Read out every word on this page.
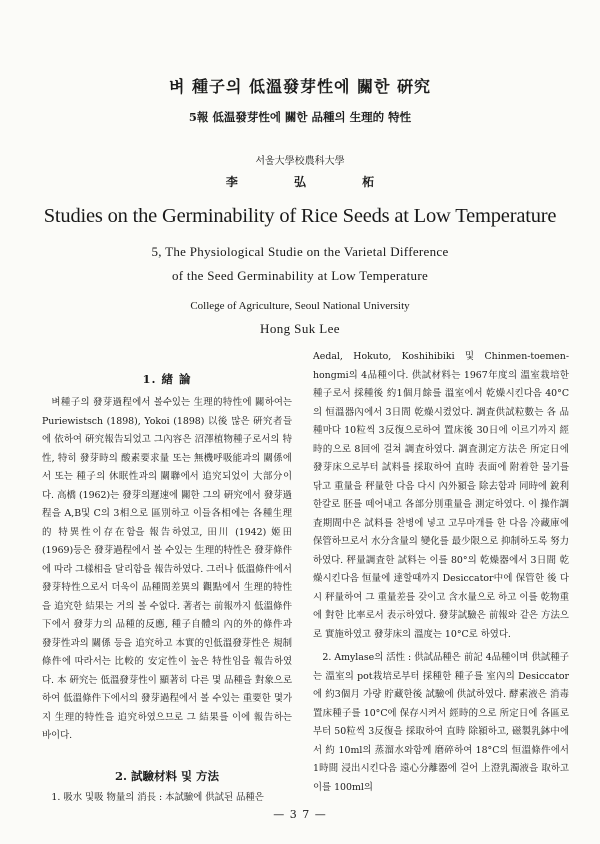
벼 種子의 低溫發芽性에 關한 硏究
5報 低温發芽性에 關한 品種의 生理的 特性
서울大學校農科大學
李 弘 柘
Studies on the Germinability of Rice Seeds at Low Temperature
5, The Physiological Studie on the Varietal Difference
of the Seed Germinability at Low Temperature
College of Agriculture, Seoul National University
Hong Suk Lee
1. 緖 論

벼種子의 發芽過程에서 볼수있는 生理的特性에 關하여는 Puriewistsch (1898), Yokoi (1898) 以後 많은 硏究者들에 依하여 硏究報告되었고 그內容은 沼澤植物種子로서의 特性, 特히 發芽時의 酸素要求量 또는 無機呼吸能과의 關係에서 또는 種子의 休眠性과의 關聯에서 追究되었이 大部分이다. 高橋 (1962)는 發芽의遲速에 關한 그의 硏究에서 發芽過程을 A,B및 C의 3相으로 區別하고 이들各相에는 各種生理的 特異性이存在함을 報告하였고, 田川 (1942) 姬田 (1969)등은 發芽過程에서 볼 수있는 生理的特性은 發芽條件에 따라 그樣相을 달리함을 報告하였다. 그러나 低溫條件에서 發芽特性으로서 더욱이 品種間差異의 觀點에서 生理的特性을 追究한 結果는 거의 볼 수없다. 著者는 前報까지 低溫條件下에서 發芽力의 品種的反應, 種子自體의 內的外的條件과 發芽性과의 關係 등을 追究하고 本實的인低溫發芽性은 規制條件에 따라서는 比較的 安定性이 높은 特性임을 報告하였다. 本 硏究는 低溫發芽性이 顯著히 다른 몇 品種을 對象으로하여 低溫條件下에서의 發芽過程에서 볼 수있는 重要한 몇가지 生理的特性을 追究하였으므로 그 結果를 이에 報告하는 바이다.

2. 試驗材料 및 方法

1. 吸水 및吸 物量의 消長 : 本試驗에 供試된 品種은

Aedal, Hokuto, Koshihibiki 및 Chinmen-toemen-hongmi의 4品種이다. 供試材料는 1967年度의 溫室栽培한 種子로서 採種後 約1個月餘를 溫室에서 乾燥시킨다음 40°C의 恒溫器內에서 3日間 乾燥시켰었다. 調査供試粒數는 各 品種마다 10粒씩 3反復으로하여 置床後 30日에 이르기까지 經時的으로 8回에 걸쳐 調査하였다. 調査測定方法은 所定日에 發芽床으로부터 試料를 採取하여 直時 表面에 附着한 물기를 닦고 重量을 秤量한 다음 다시 內外潁을 除去함과 同時에 銳利한칼로 胚를 떼어내고 各部分別重量을 測定하였다. 이 操作調査期間中은 試料를 찬병에 넣고 고무마개를 한 다음 冷藏庫에 保管하므로서 水分含量의 變化를 最少限으로 抑制하도록 努力하였다. 秤量調査한 試料는 이를 80°의 乾燥器에서 3日間 乾燥시킨다음 恒量에 達할때까지 Desiccator中에 保管한 後 다시 秤量하여 그 重量差를 갖이고 含水量으로 하고 이를 乾物重에 對한 比率로서 表示하였다. 發芽試驗은 前報와 같은 方法으로 實施하였고 發芽床의 溫度는 10°C로 하였다.

2. Amylase의 活性 : 供試品種은 前記 4品種이며 供試種子는 溫室의 pot栽培로부터 採種한 種子를 室內의 Desiccator에 約3個月 가량 貯藏한後 試驗에 供試하였다. 酵素液은 消毒置床種子를 10°C에 保存시켜서 經時的으로 所定日에 各區로부터 50粒씩 3反復을 採取하여 直時 除潁하고, 磁製乳鉢中에서 約 10ml의 蒸溜水와함께 磨碎하여 18°C의 恒溫條件에서 1時間 浸出시킨다음 遠心分離器에 걸어 上澄乳濁液을 取하고 이를 100ml의

— 3 7 —
